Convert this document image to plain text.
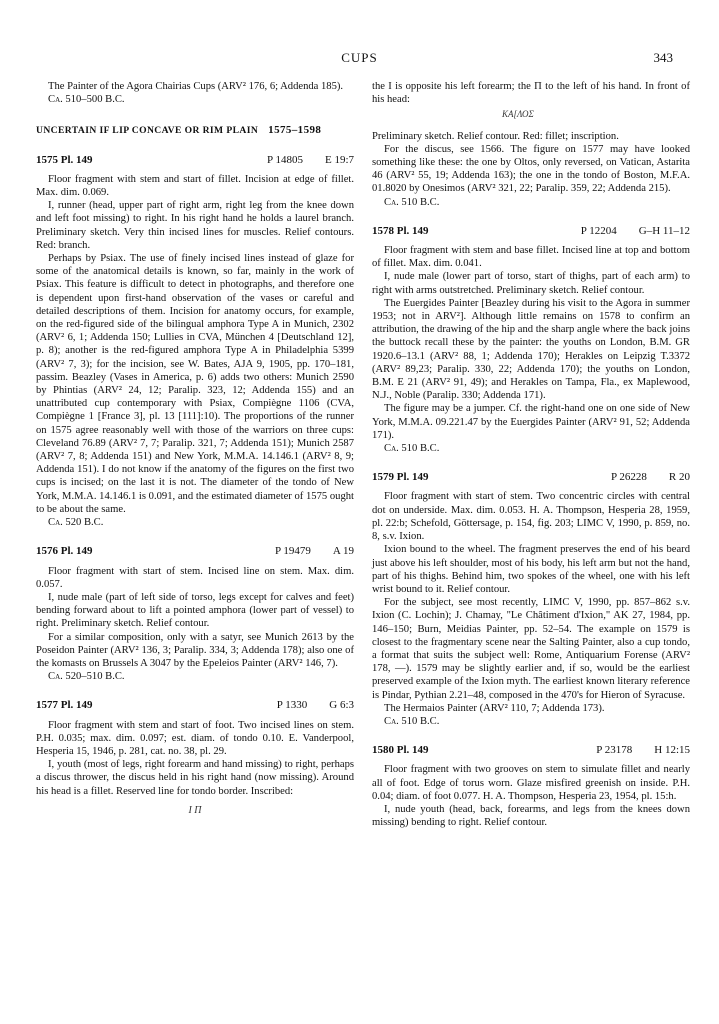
CUPS	343

The Painter of the Agora Chairias Cups (ARV² 176, 6; Addenda 185).

Ca. 510–500 B.C.

UNCERTAIN IF LIP CONCAVE OR RIM PLAIN 1575–1598
1575 Pl. 149	P 14805 E 19:7

Floor fragment with stem and start of fillet. Incision at edge of fillet. Max. dim. 0.069.

I, runner (head, upper part of right arm, right leg from the knee down and left foot missing) to right. In his right hand he holds a laurel branch. Preliminary sketch. Very thin incised lines for muscles. Relief contours. Red: branch.

Perhaps by Psiax. The use of finely incised lines instead of glaze for some of the anatomical details is known, so far, mainly in the work of Psiax. This feature is difficult to detect in photographs, and therefore one is dependent upon first-hand observation of the vases or careful and detailed descriptions of them. Incision for anatomy occurs, for example, on the red-figured side of the bilingual amphora Type A in Munich, 2302 (ARV² 6, 1; Addenda 150; Lullies in CVA, München 4 [Deutschland 12], p. 8); another is the red-figured amphora Type A in Philadelphia 5399 (ARV² 7, 3); for the incision, see W. Bates, AJA 9, 1905, pp. 170–181, passim. Beazley (Vases in America, p. 6) adds two others: Munich 2590 by Phintias (ARV² 24, 12; Paralip. 323, 12; Addenda 155) and an unattributed cup contemporary with Psiax, Compiègne 1106 (CVA, Compiègne 1 [France 3], pl. 13 [111]:10). The proportions of the runner on 1575 agree reasonably well with those of the warriors on three cups: Cleveland 76.89 (ARV² 7, 7; Paralip. 321, 7; Addenda 151); Munich 2587 (ARV² 7, 8; Addenda 151) and New York, M.M.A. 14.146.1 (ARV² 8, 9; Addenda 151). I do not know if the anatomy of the figures on the first two cups is incised; on the last it is not. The diameter of the tondo of New York, M.M.A. 14.146.1 is 0.091, and the estimated diameter of 1575 ought to be about the same.

Ca. 520 B.C.

1576 Pl. 149	P 19479 A 19

Floor fragment with start of stem. Incised line on stem. Max. dim. 0.057.

I, nude male (part of left side of torso, legs except for calves and feet) bending forward about to lift a pointed amphora (lower part of vessel) to right. Preliminary sketch. Relief contour.

For a similar composition, only with a satyr, see Munich 2613 by the Poseidon Painter (ARV² 136, 3; Paralip. 334, 3; Addenda 178); also one of the komasts on Brussels A 3047 by the Epeleios Painter (ARV² 146, 7).

Ca. 520–510 B.C.

1577 Pl. 149	P 1330 G 6:3

Floor fragment with stem and start of foot. Two incised lines on stem. P.H. 0.035; max. dim. 0.097; est. diam. of tondo 0.10. E. Vanderpool, Hesperia 15, 1946, p. 281, cat. no. 38, pl. 29.

I, youth (most of legs, right forearm and hand missing) to right, perhaps a discus thrower, the discus held in his right hand (now missing). Around his head is a fillet. Reserved line for tondo border. Inscribed:

I Π

the I is opposite his left forearm; the Π to the left of his hand. In front of his head:

ΚΑ[ΛΟΣ

Preliminary sketch. Relief contour. Red: fillet; inscription.

For the discus, see 1566. The figure on 1577 may have looked something like these: the one by Oltos, only reversed, on Vatican, Astarita 46 (ARV² 55, 19; Addenda 163); the one in the tondo of Boston, M.F.A. 01.8020 by Onesimos (ARV² 321, 22; Paralip. 359, 22; Addenda 215).

Ca. 510 B.C.

1578 Pl. 149	P 12204 G–H 11–12

Floor fragment with stem and base fillet. Incised line at top and bottom of fillet. Max. dim. 0.041.

I, nude male (lower part of torso, start of thighs, part of each arm) to right with arms outstretched. Preliminary sketch. Relief contour.

The Euergides Painter [Beazley during his visit to the Agora in summer 1953; not in ARV²]. Although little remains on 1578 to confirm an attribution, the drawing of the hip and the sharp angle where the back joins the buttock recall these by the painter: the youths on London, B.M. GR 1920.6–13.1 (ARV² 88, 1; Addenda 170); Herakles on Leipzig T.3372 (ARV² 89,23; Paralip. 330, 22; Addenda 170); the youths on London, B.M. E 21 (ARV² 91, 49); and Herakles on Tampa, Fla., ex Maplewood, N.J., Noble (Paralip. 330; Addenda 171).

The figure may be a jumper. Cf. the right-hand one on one side of New York, M.M.A. 09.221.47 by the Euergides Painter (ARV² 91, 52; Addenda 171).

Ca. 510 B.C.

1579 Pl. 149	P 26228 R 20

Floor fragment with start of stem. Two concentric circles with central dot on underside. Max. dim. 0.053. H. A. Thompson, Hesperia 28, 1959, pl. 22:b; Schefold, Göttersage, p. 154, fig. 203; LIMC V, 1990, p. 859, no. 8, s.v. Ixion.

Ixion bound to the wheel. The fragment preserves the end of his beard just above his left shoulder, most of his body, his left arm but not the hand, part of his thighs. Behind him, two spokes of the wheel, one with his left wrist bound to it. Relief contour.

For the subject, see most recently, LIMC V, 1990, pp. 857–862 s.v. Ixion (C. Lochin); J. Chamay, "Le Châtiment d'Ixion," AK 27, 1984, pp. 146–150; Burn, Meidias Painter, pp. 52–54. The example on 1579 is closest to the fragmentary scene near the Salting Painter, also a cup tondo, a format that suits the subject well: Rome, Antiquarium Forense (ARV² 178, —). 1579 may be slightly earlier and, if so, would be the earliest preserved example of the Ixion myth. The earliest known literary reference is Pindar, Pythian 2.21–48, composed in the 470's for Hieron of Syracuse.

The Hermaios Painter (ARV² 110, 7; Addenda 173).

Ca. 510 B.C.

1580 Pl. 149	P 23178 H 12:15

Floor fragment with two grooves on stem to simulate fillet and nearly all of foot. Edge of torus worn. Glaze misfired greenish on inside. P.H. 0.04; diam. of foot 0.077. H. A. Thompson, Hesperia 23, 1954, pl. 15:h.

I, nude youth (head, back, forearms, and legs from the knees down missing) bending to right. Relief contour.
